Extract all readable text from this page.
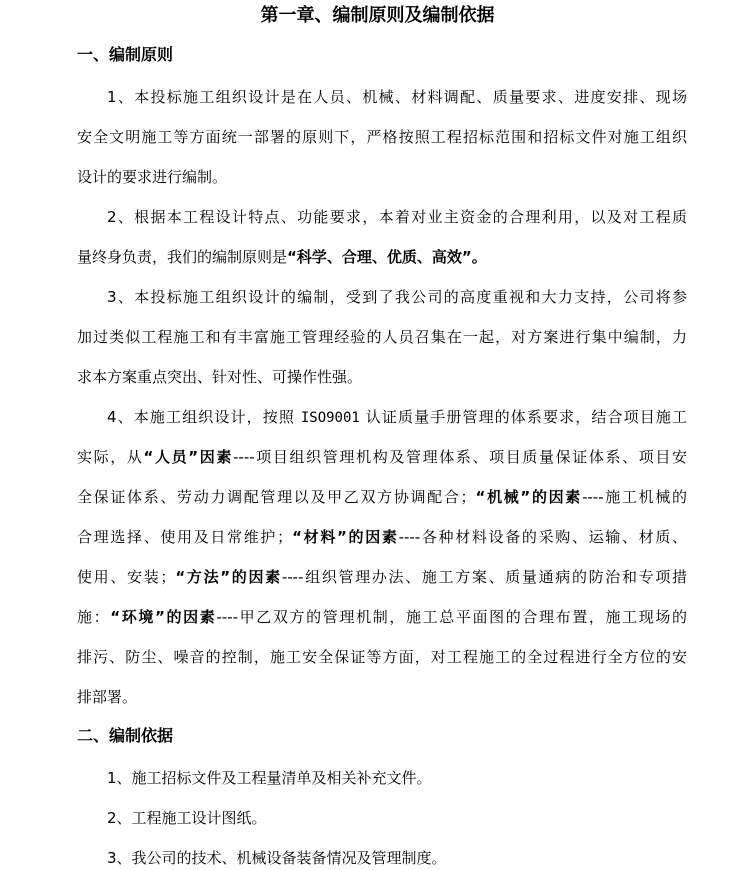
第一章、编制原则及编制依据
一、编制原则

1、本投标施工组织设计是在人员、机械、材料调配、质量要求、进度安排、现场

安全文明施工等方面统一部署的原则下，严格按照工程招标范围和招标文件对施工组织

设计的要求进行编制。

2、根据本工程设计特点、功能要求，本着对业主资金的合理利用，以及对工程质

量终身负责，我们的编制原则是“科学、合理、优质、高效”。

3、本投标施工组织设计的编制，受到了我公司的高度重视和大力支持，公司将参

加过类似工程施工和有丰富施工管理经验的人员召集在一起，对方案进行集中编制，力

求本方案重点突出、针对性、可操作性强。

4、本施工组织设计，按照 ISO9001 认证质量手册管理的体系要求，结合项目施工

实际，从“人员”因素----项目组织管理机构及管理体系、项目质量保证体系、项目安

全保证体系、劳动力调配管理以及甲乙双方协调配合；“机械”的因素----施工机械的

合理选择、使用及日常维护；“材料”的因素----各种材料设备的采购、运输、材质、

使用、安装；“方法”的因素----组织管理办法、施工方案、质量通病的防治和专项措

施：“环境”的因素----甲乙双方的管理机制，施工总平面图的合理布置，施工现场的

排污、防尘、噪音的控制，施工安全保证等方面，对工程施工的全过程进行全方位的安

排部署。

二、编制依据

1、施工招标文件及工程量清单及相关补充文件。

2、工程施工设计图纸。

3、我公司的技术、机械设备装备情况及管理制度。
